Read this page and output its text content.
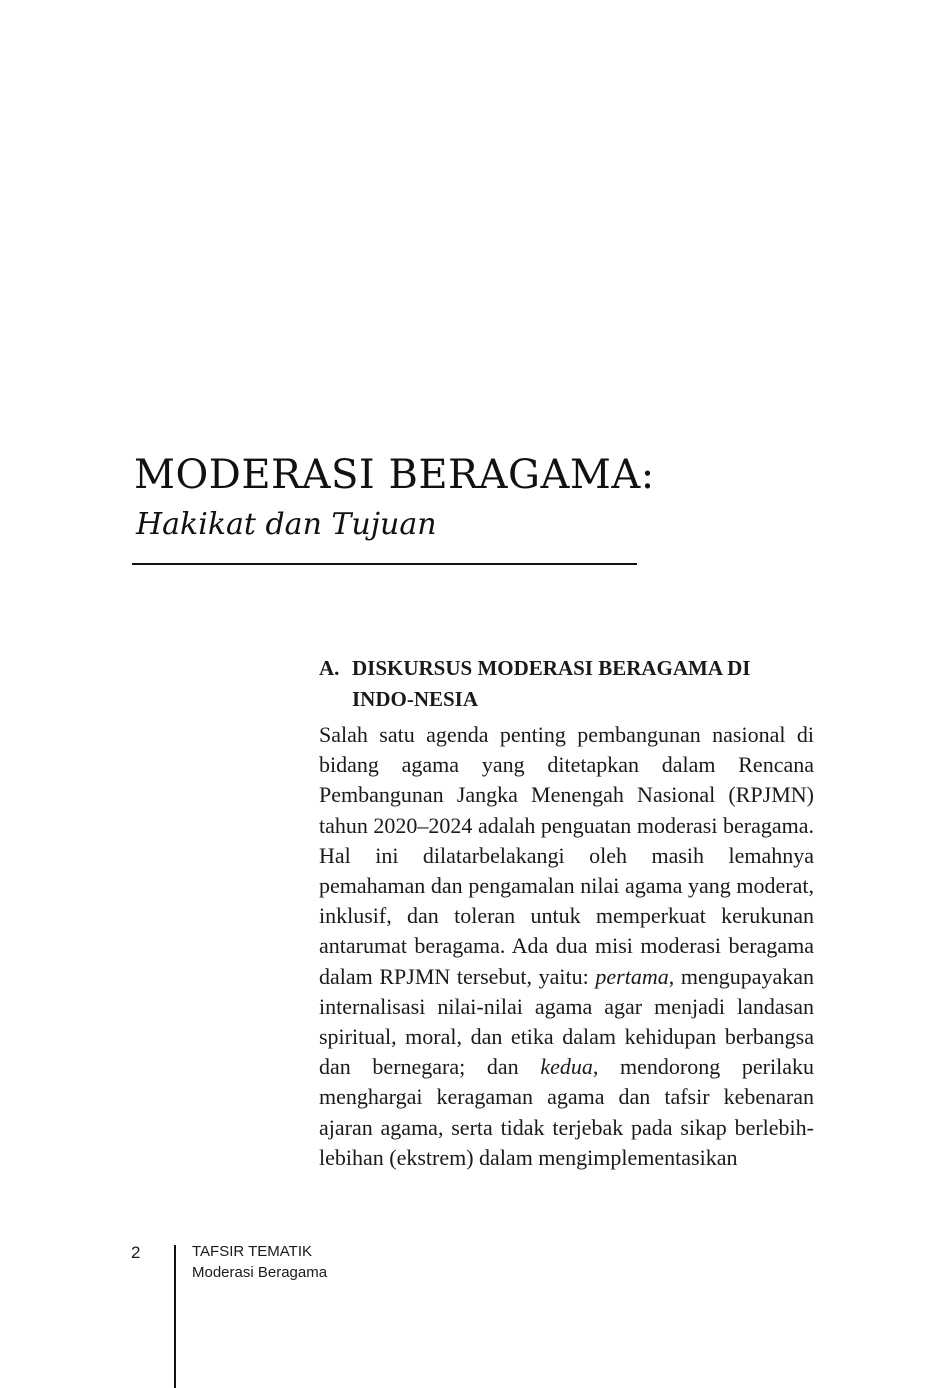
MODERASI BERAGAMA:
Hakikat dan Tujuan
A. DISKURSUS MODERASI BERAGAMA DI INDO-NESIA

Salah satu agenda penting pembangunan nasional di bidang agama yang ditetapkan dalam Rencana Pembangunan Jangka Menengah Nasional (RPJMN) tahun 2020–2024 adalah penguatan moderasi beragama. Hal ini dilatarbelakangi oleh masih lemahnya pemahaman dan pengamalan nilai agama yang moderat, inklusif, dan toleran untuk memperkuat kerukunan antarumat beragama. Ada dua misi moderasi beragama dalam RPJMN tersebut, yaitu: pertama, mengupayakan internalisasi nilai-nilai agama agar menjadi landasan spiritual, moral, dan etika dalam kehidupan berbangsa dan bernegara; dan kedua, mendorong perilaku menghargai keragaman agama dan tafsir kebenaran ajaran agama, serta tidak terjebak pada sikap berlebih-lebihan (ekstrem) dalam mengimplementasikan

2	TAFSIR TEMATIK
Moderasi Beragama
